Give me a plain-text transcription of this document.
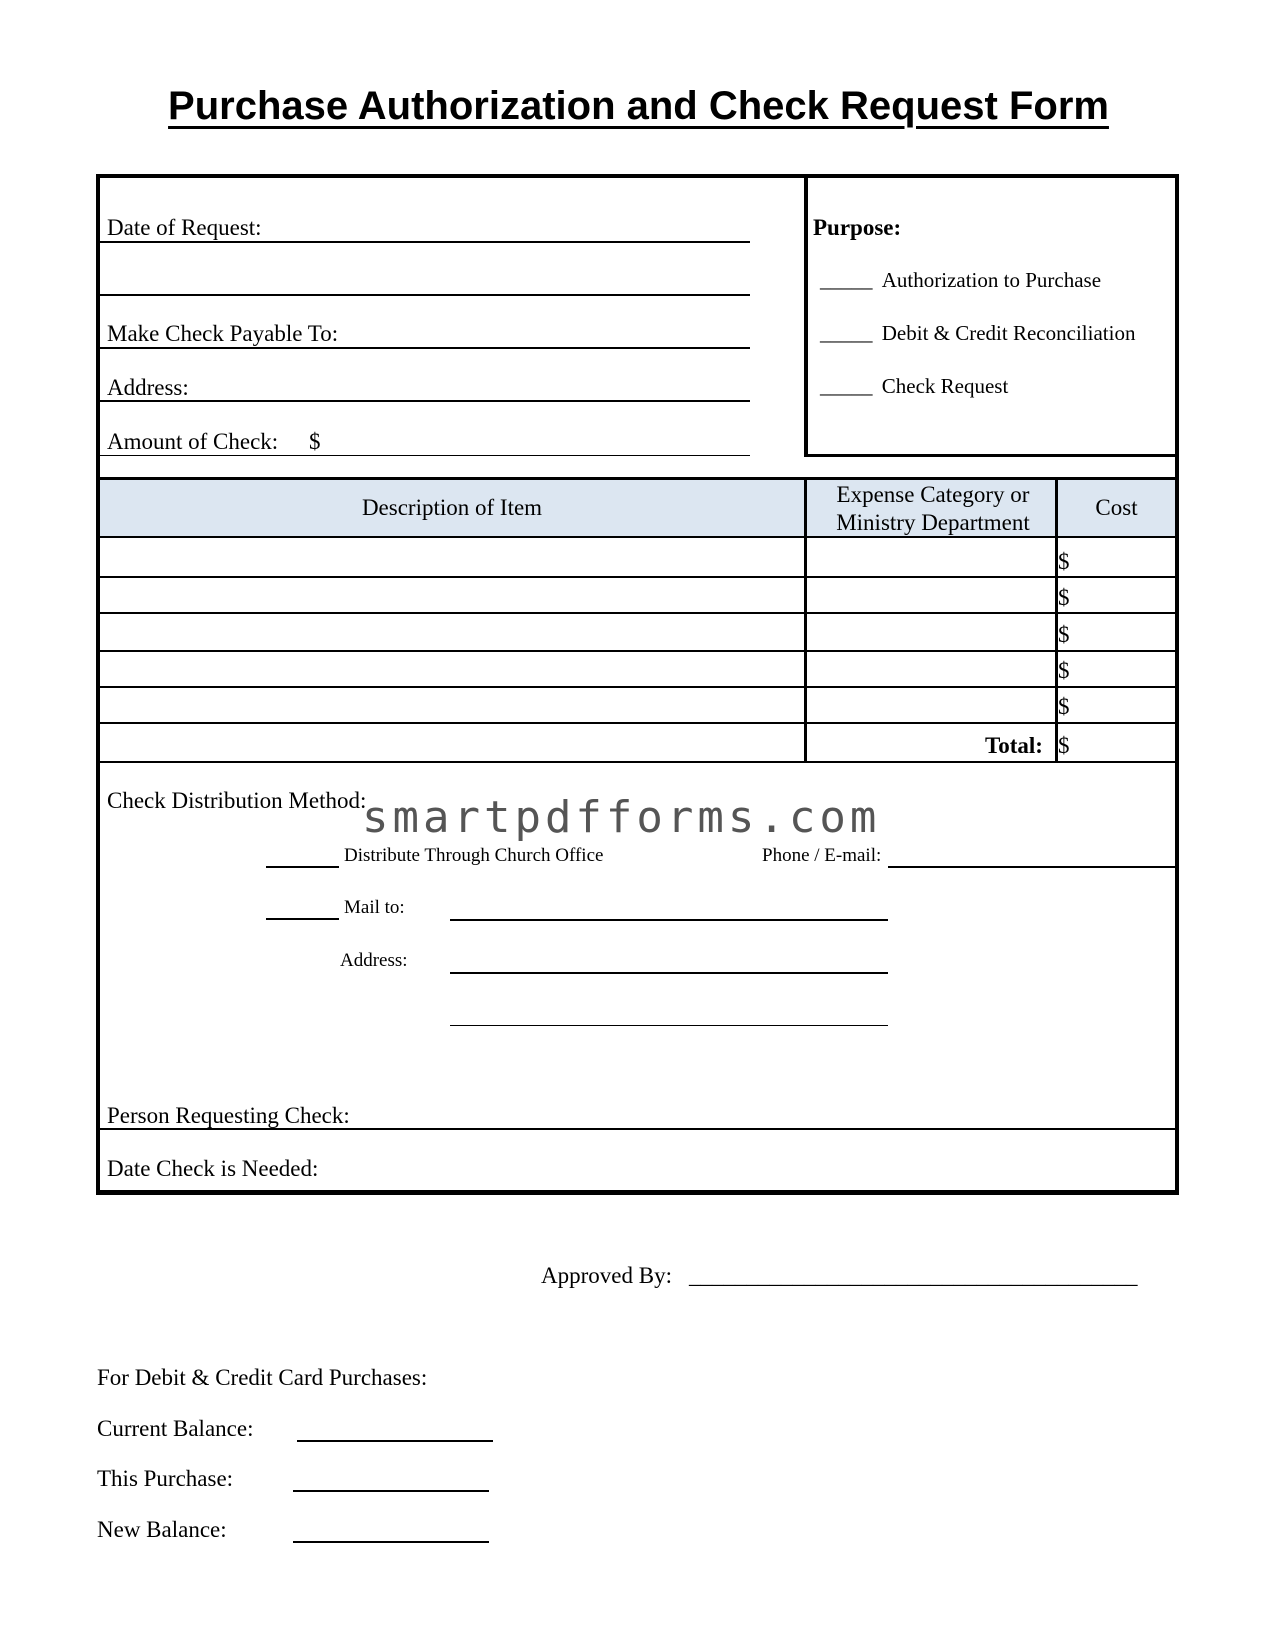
Purchase Authorization and Check Request Form
Date of Request:
Make Check Payable To:
Address:
Amount of Check: $
Purpose:
_____ Authorization to Purchase
_____ Debit & Credit Reconciliation
_____ Check Request
Description of Item
Expense Category or
Ministry Department
Cost
$
$
$
$
$
Total: $
Check Distribution Method:
smartpdfforms.com
Distribute Through Church Office	Phone / E-mail:
Mail to:
Address:
Person Requesting Check:
Date Check is Needed:
Approved By: _______________________________________
For Debit & Credit Card Purchases:
Current Balance:
This Purchase:
New Balance:
